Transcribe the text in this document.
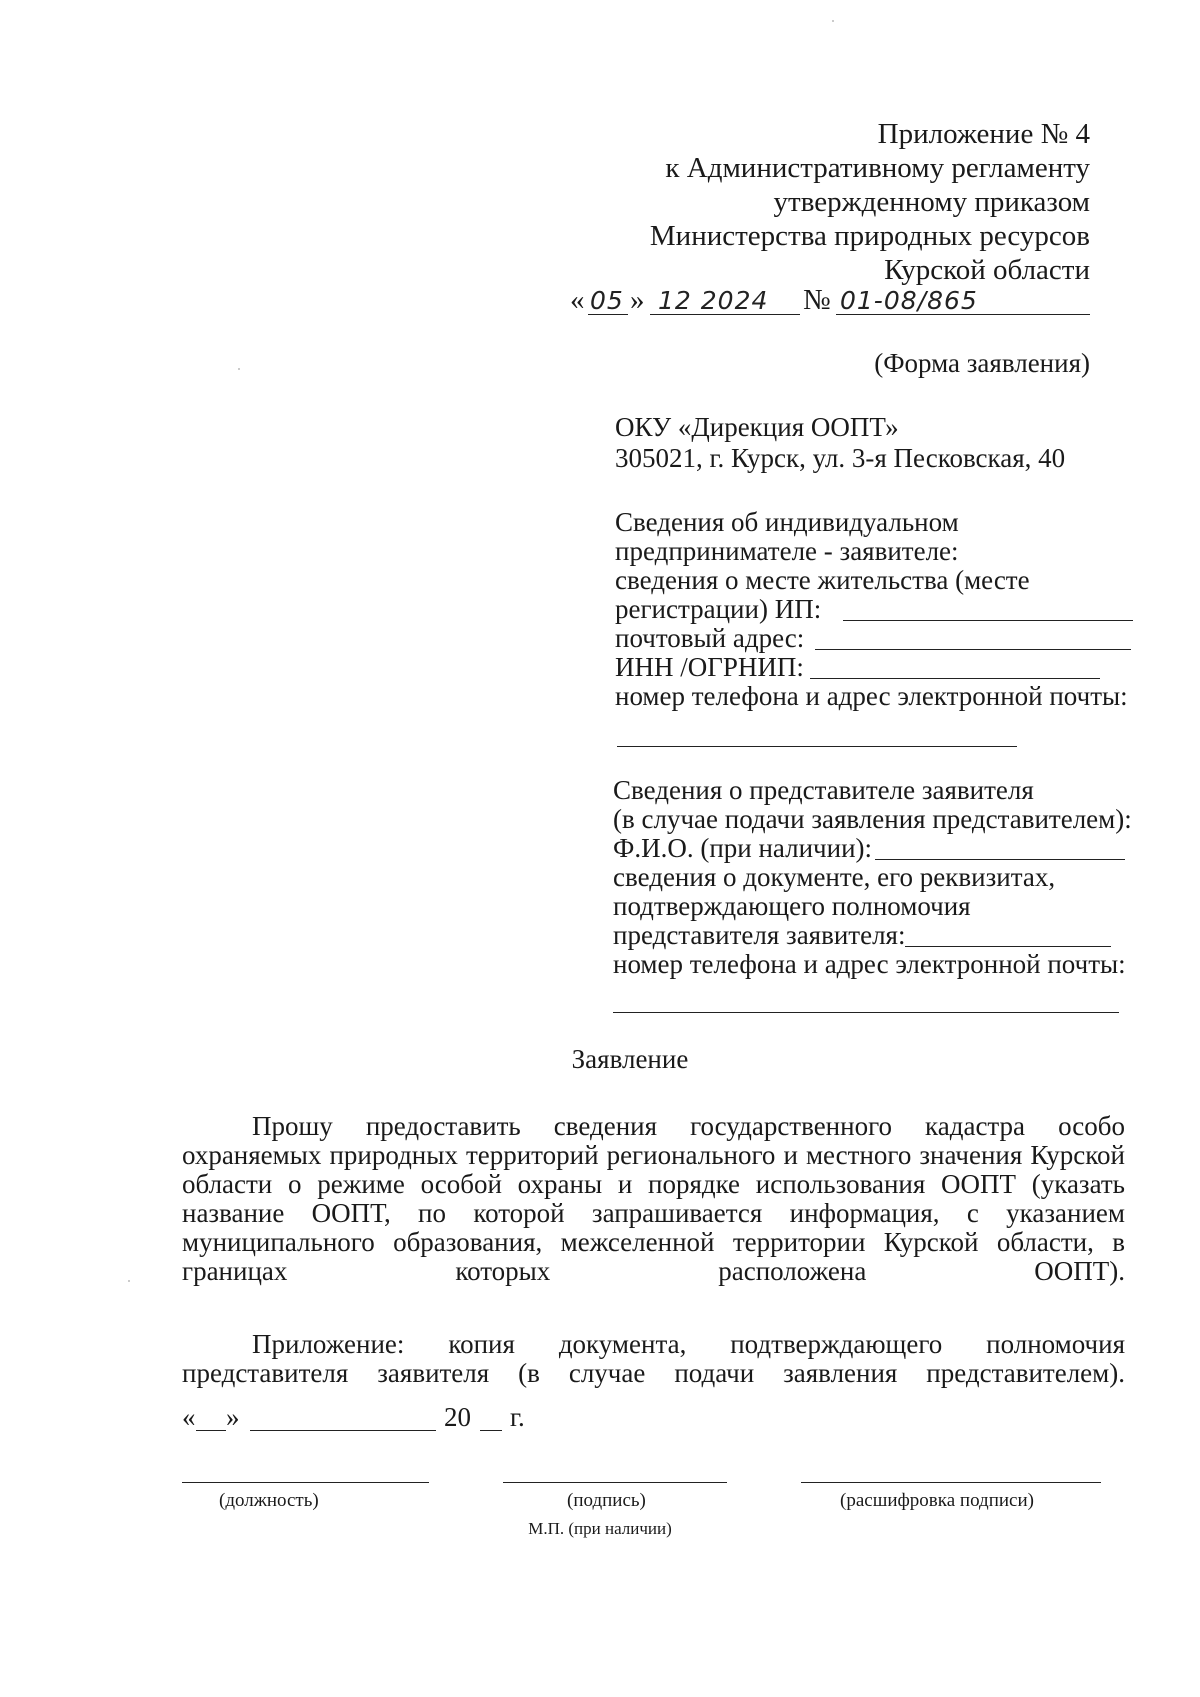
Приложение № 4
к Административному регламенту
утвержденному приказом
Министерства природных ресурсов
Курской области
« 05 » 12 2024 № 01-08/865
(Форма заявления)
ОКУ «Дирекция ООПТ»
305021, г. Курск, ул. 3-я Песковская, 40
Сведения об индивидуальном
предпринимателе - заявителе:
сведения о месте жительства (месте
регистрации) ИП:
почтовый адрес:
ИНН /ОГРНИП:
номер телефона и адрес электронной почты:
Сведения о представителе заявителя
(в случае подачи заявления представителем):
Ф.И.О. (при наличии):
сведения о документе, его реквизитах,
подтверждающего полномочия
представителя заявителя:
номер телефона и адрес электронной почты:
Заявление

Прошу предоставить сведения государственного кадастра особо охраняемых природных территорий регионального и местного значения Курской области о режиме особой охраны и порядке использования ООПТ (указать название ООПТ, по которой запрашивается информация, с указанием муниципального образования, межселенной территории Курской области, в границах которых расположена ООПТ).

Приложение: копия документа, подтверждающего полномочия представителя заявителя (в случае подачи заявления представителем).

« »	20 г.
(должность)	(подпись)	(расшифровка подписи)
М.П. (при наличии)
